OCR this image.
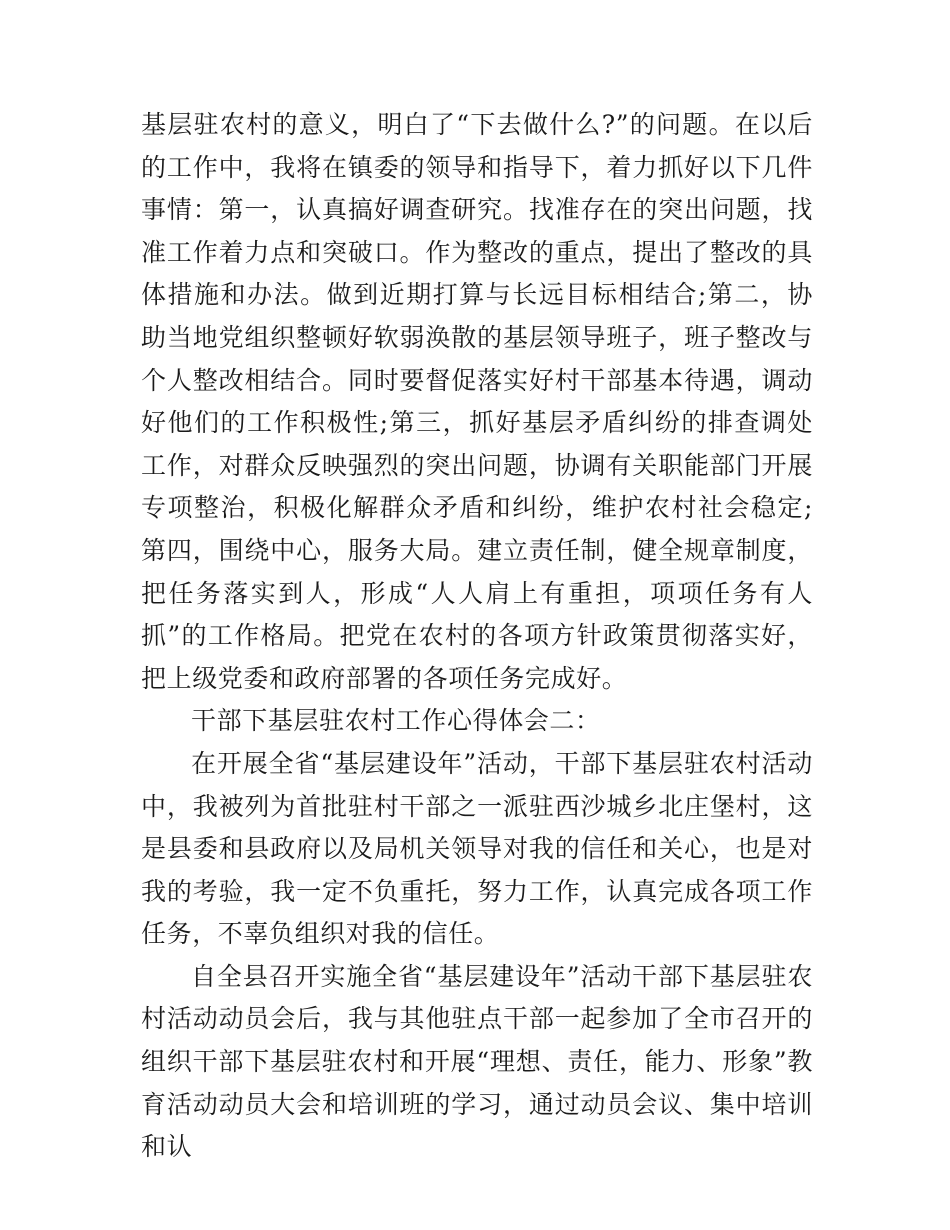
基层驻农村的意义，明白了“下去做什么?”的问题。在以后的工作中，我将在镇委的领导和指导下，着力抓好以下几件事情：第一，认真搞好调查研究。找准存在的突出问题，找准工作着力点和突破口。作为整改的重点，提出了整改的具体措施和办法。做到近期打算与长远目标相结合;第二，协助当地党组织整顿好软弱涣散的基层领导班子，班子整改与个人整改相结合。同时要督促落实好村干部基本待遇，调动好他们的工作积极性;第三，抓好基层矛盾纠纷的排查调处工作，对群众反映强烈的突出问题，协调有关职能部门开展专项整治，积极化解群众矛盾和纠纷，维护农村社会稳定;第四，围绕中心，服务大局。建立责任制，健全规章制度，把任务落实到人，形成“人人肩上有重担，项项任务有人抓”的工作格局。把党在农村的各项方针政策贯彻落实好，把上级党委和政府部署的各项任务完成好。

干部下基层驻农村工作心得体会二：

在开展全省“基层建设年”活动，干部下基层驻农村活动中，我被列为首批驻村干部之一派驻西沙城乡北庄堡村，这是县委和县政府以及局机关领导对我的信任和关心，也是对我的考验，我一定不负重托，努力工作，认真完成各项工作任务，不辜负组织对我的信任。

自全县召开实施全省“基层建设年”活动干部下基层驻农村活动动员会后，我与其他驻点干部一起参加了全市召开的组织干部下基层驻农村和开展“理想、责任，能力、形象”教育活动动员大会和培训班的学习，通过动员会议、集中培训和认
